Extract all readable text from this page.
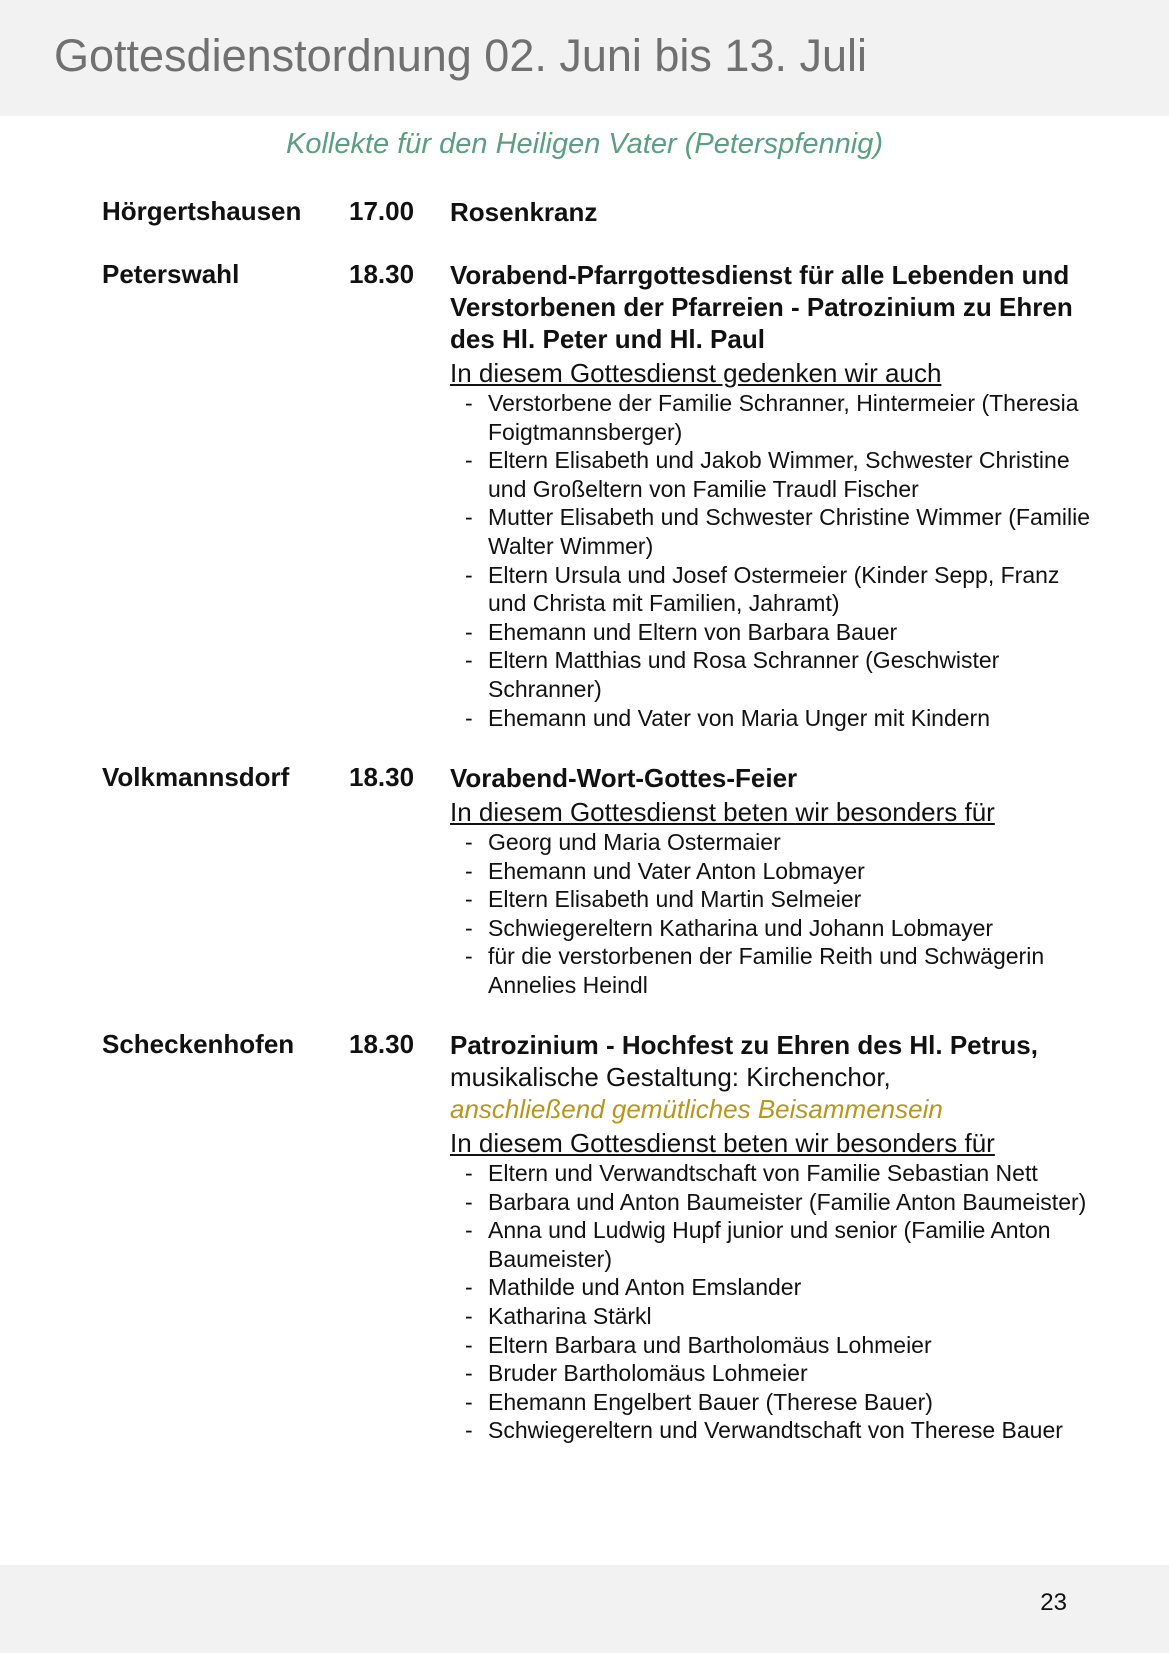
Gottesdienstordnung 02. Juni bis 13. Juli
Kollekte für den Heiligen Vater (Peterspfennig)
Hörgertshausen 17.00 Rosenkranz
Peterswahl	18.30 Vorabend-Pfarrgottesdienst für alle Lebenden und Verstorbenen der Pfarreien - Patrozinium zu Ehren des Hl. Peter und Hl. Paul
In diesem Gottesdienst gedenken wir auch
- Verstorbene der Familie Schranner, Hintermeier (Theresia Foigtmannsberger)
- Eltern Elisabeth und Jakob Wimmer, Schwester Christine und Großeltern von Familie Traudl Fischer
- Mutter Elisabeth und Schwester Christine Wimmer (Familie Walter Wimmer)
- Eltern Ursula und Josef Ostermeier (Kinder Sepp, Franz und Christa mit Familien, Jahramt)
- Ehemann und Eltern von Barbara Bauer
- Eltern Matthias und Rosa Schranner (Geschwister Schranner)
- Ehemann und Vater von Maria Unger mit Kindern
Volkmannsdorf 18.30 Vorabend-Wort-Gottes-Feier
In diesem Gottesdienst beten wir besonders für
- Georg und Maria Ostermaier
- Ehemann und Vater Anton Lobmayer
- Eltern Elisabeth und Martin Selmeier
- Schwiegereltern Katharina und Johann Lobmayer
- für die verstorbenen der Familie Reith und Schwägerin Annelies Heindl
Scheckenhofen 18.30 Patrozinium - Hochfest zu Ehren des Hl. Petrus, musikalische Gestaltung: Kirchenchor,
anschließend gemütliches Beisammensein
In diesem Gottesdienst beten wir besonders für
- Eltern und Verwandtschaft von Familie Sebastian Nett
- Barbara und Anton Baumeister (Familie Anton Baumeister)
- Anna und Ludwig Hupf junior und senior (Familie Anton Baumeister)
- Mathilde und Anton Emslander
- Katharina Stärkl
- Eltern Barbara und Bartholomäus Lohmeier
- Bruder Bartholomäus Lohmeier
- Ehemann Engelbert Bauer (Therese Bauer)
- Schwiegereltern und Verwandtschaft von Therese Bauer
23
